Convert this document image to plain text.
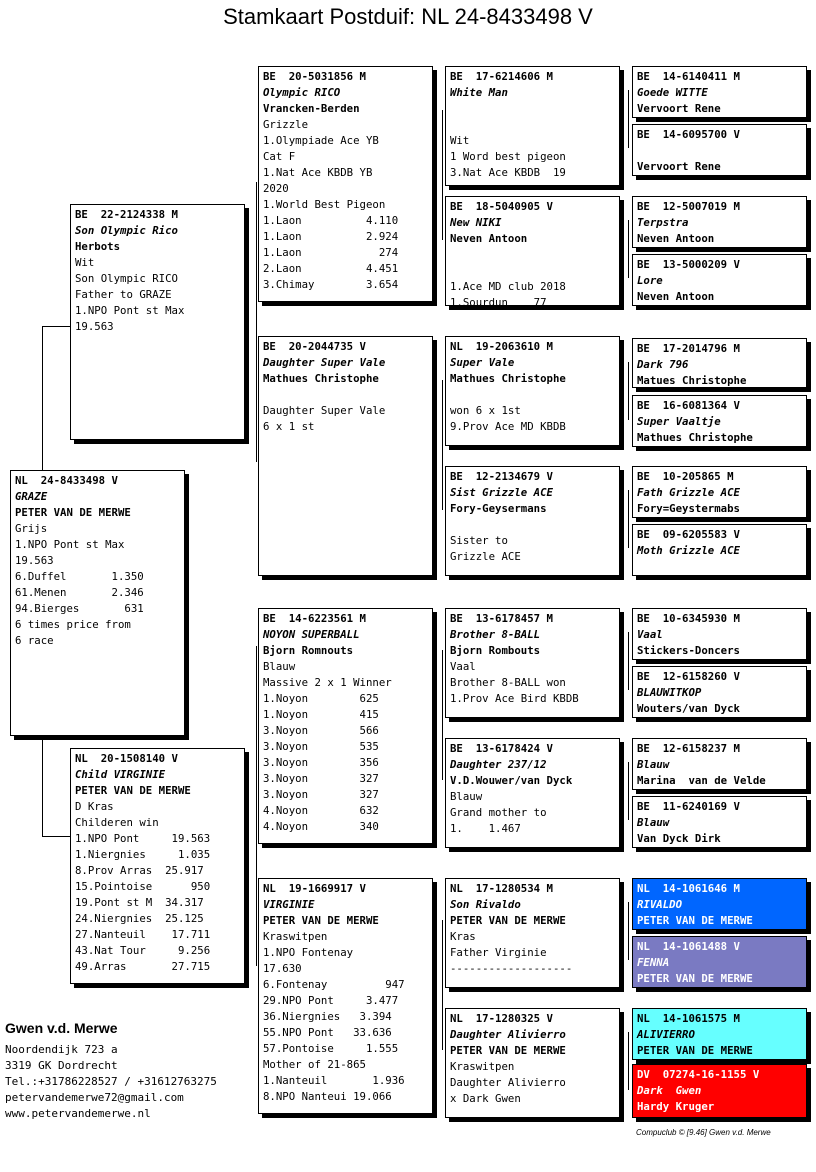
Stamkaart Postduif: NL 24-8433498 V
NL  24-8433498 V
GRAZE
PETER VAN DE MERWE
Grijs
1.NPO Pont st Max
19.563
6.Duffel       1.350
61.Menen       2.346
94.Bierges       631
6 times price from
6 race
BE  22-2124338 M
Son Olympic Rico
Herbots
Wit
Son Olympic RICO
Father to GRAZE
1.NPO Pont st Max
19.563
NL  20-1508140 V
Child VIRGINIE
PETER VAN DE MERWE
D Kras
Childeren win
1.NPO Pont     19.563
1.Niergnies     1.035
8.Prov Arras  25.917
15.Pointoise      950
19.Pont st M  34.317
24.Niergnies  25.125
27.Nanteuil    17.711
43.Nat Tour     9.256
49.Arras       27.715
BE  20-5031856 M
Olympic RICO
Vrancken-Berden
Grizzle
1.Olympiade Ace YB
Cat F
1.Nat Ace KBDB YB
2020
1.World Best Pigeon
1.Laon          4.110
1.Laon          2.924
1.Laon            274
2.Laon          4.451
3.Chimay        3.654
BE  20-2044735 V
Daughter Super Vale
Mathues Christophe
Daughter Super Vale
6 x 1 st
BE  14-6223561 M
NOYON SUPERBALL
Bjorn Romnouts
Blauw
Massive 2 x 1 Winner
1.Noyon        625
1.Noyon        415
3.Noyon        566
3.Noyon        535
3.Noyon        356
3.Noyon        327
3.Noyon        327
4.Noyon        632
4.Noyon        340
NL  19-1669917 V
VIRGINIE
PETER VAN DE MERWE
Kraswitpen
1.NPO Fontenay
17.630
6.Fontenay         947
29.NPO Pont     3.477
36.Niergnies   3.394
55.NPO Pont   33.636
57.Pontoise     1.555
Mother of 21-865
1.Nanteuil       1.936
8.NPO Nanteui 19.066
BE  17-6214606 M
White Man
Wit
1 Word best pigeon
3.Nat Ace KBDB  19
BE  18-5040905 V
New NIKI
Neven Antoon
1.Ace MD club 2018
1.Sourdun    77
NL  19-2063610 M
Super Vale
Mathues Christophe
won 6 x 1st
9.Prov Ace MD KBDB
BE  12-2134679 V
Sist Grizzle ACE
Fory-Geysermans
Sister to
Grizzle ACE
BE  13-6178457 M
Brother 8-BALL
Bjorn Rombouts
Vaal
Brother 8-BALL won
1.Prov Ace Bird KBDB
BE  13-6178424 V
Daughter 237/12
V.D.Wouwer/van Dyck
Blauw
Grand mother to
1.    1.467
NL  17-1280534 M
Son Rivaldo
PETER VAN DE MERWE
Kras
Father Virginie
-------------------
NL  17-1280325 V
Daughter Alivierro
PETER VAN DE MERWE
Kraswitpen
Daughter Alivierro
x Dark Gwen
BE  14-6140411 M
Goede WITTE
Vervoort Rene
BE  14-6095700 V
Vervoort Rene
BE  12-5007019 M
Terpstra
Neven Antoon
BE  13-5000209 V
Lore
Neven Antoon
BE  17-2014796 M
Dark 796
Matues Christophe
BE  16-6081364 V
Super Vaaltje
Mathues Christophe
BE  10-205865 M
Fath Grizzle ACE
Fory=Geystermabs
BE  09-6205583 V
Moth Grizzle ACE
BE  10-6345930 M
Vaal
Stickers-Doncers
BE  12-6158260 V
BLAUWITKOP
Wouters/van Dyck
BE  12-6158237 M
Blauw
Marina  van de Velde
BE  11-6240169 V
Blauw
Van Dyck Dirk
NL  14-1061646 M
RIVALDO
PETER VAN DE MERWE
NL  14-1061488 V
FENNA
PETER VAN DE MERWE
NL  14-1061575 M
ALIVIERRO
PETER VAN DE MERWE
DV  07274-16-1155 V
Dark  Gwen
Hardy Kruger
Gwen v.d. Merwe
Noordendijk 723 a
3319 GK Dordrecht
Tel.:+31786228527 / +31612763275
petervandemerwe72@gmail.com
www.petervandemerwe.nl
Compuclub © [9.46] Gwen v.d. Merwe
